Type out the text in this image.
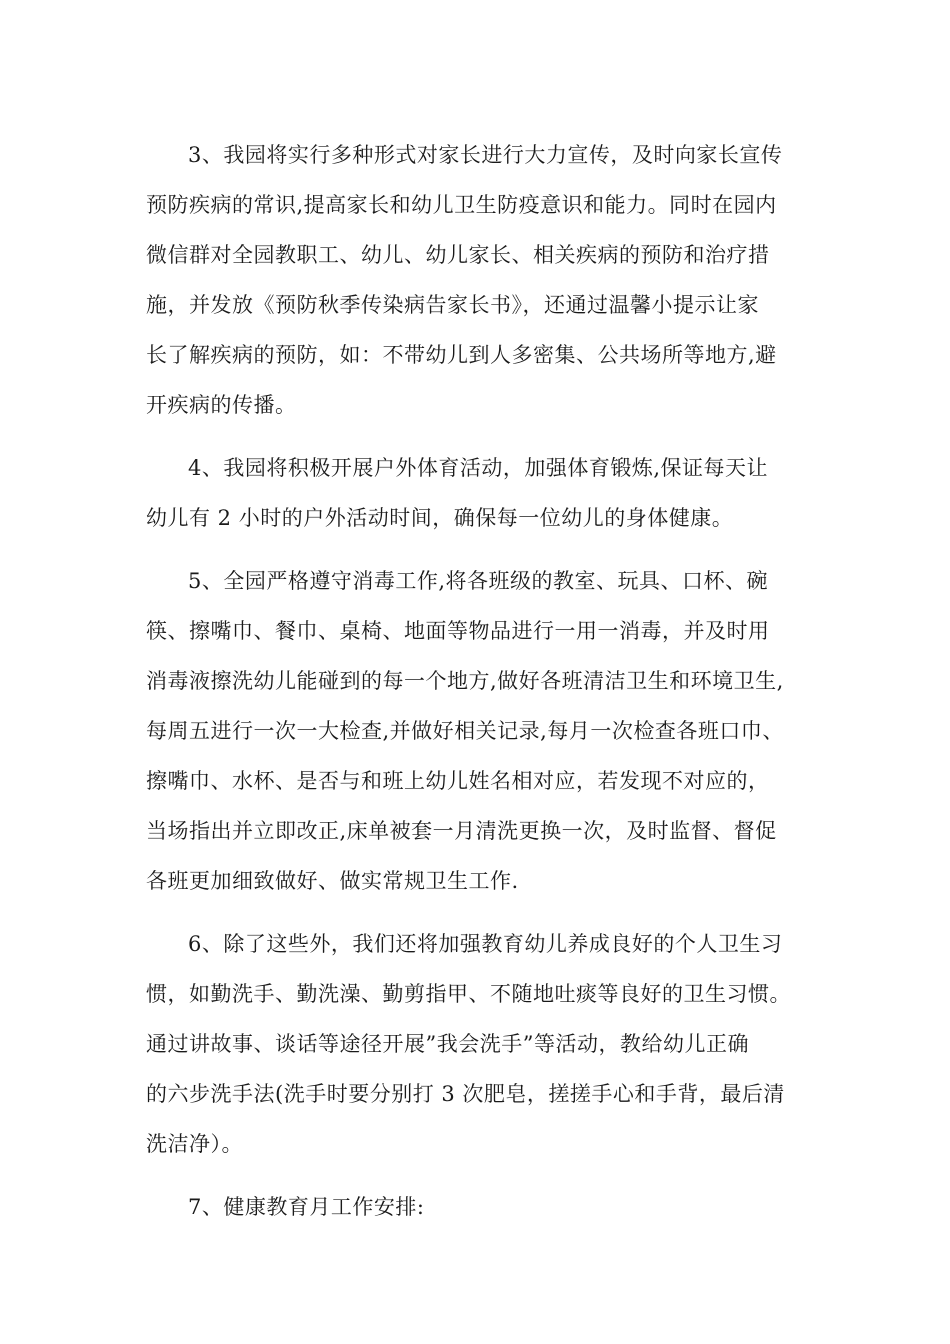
3、我园将实行多种形式对家长进行大力宣传，及时向家长宣传
预防疾病的常识,提高家长和幼儿卫生防疫意识和能力。同时在园内
微信群对全园教职工、幼儿、幼儿家长、相关疾病的预防和治疗措
施，并发放《预防秋季传染病告家长书》，还通过温馨小提示让家
长了解疾病的预防，如：不带幼儿到人多密集、公共场所等地方,避
开疾病的传播。
4、我园将积极开展户外体育活动，加强体育锻炼,保证每天让
幼儿有 2 小时的户外活动时间，确保每一位幼儿的身体健康。
5、全园严格遵守消毒工作,将各班级的教室、玩具、口杯、碗
筷、擦嘴巾、餐巾、桌椅、地面等物品进行一用一消毒，并及时用
消毒液擦洗幼儿能碰到的每一个地方,做好各班清洁卫生和环境卫生,
每周五进行一次一大检查,并做好相关记录,每月一次检查各班口巾、
擦嘴巾、水杯、是否与和班上幼儿姓名相对应，若发现不对应的，
当场指出并立即改正,床单被套一月清洗更换一次，及时监督、督促
各班更加细致做好、做实常规卫生工作.
6、除了这些外，我们还将加强教育幼儿养成良好的个人卫生习
惯，如勤洗手、勤洗澡、勤剪指甲、不随地吐痰等良好的卫生习惯。
通过讲故事、谈话等途径开展”我会洗手”等活动，教给幼儿正确
的六步洗手法(洗手时要分别打 3 次肥皂，搓搓手心和手背，最后清
洗洁净）。
7、健康教育月工作安排:
